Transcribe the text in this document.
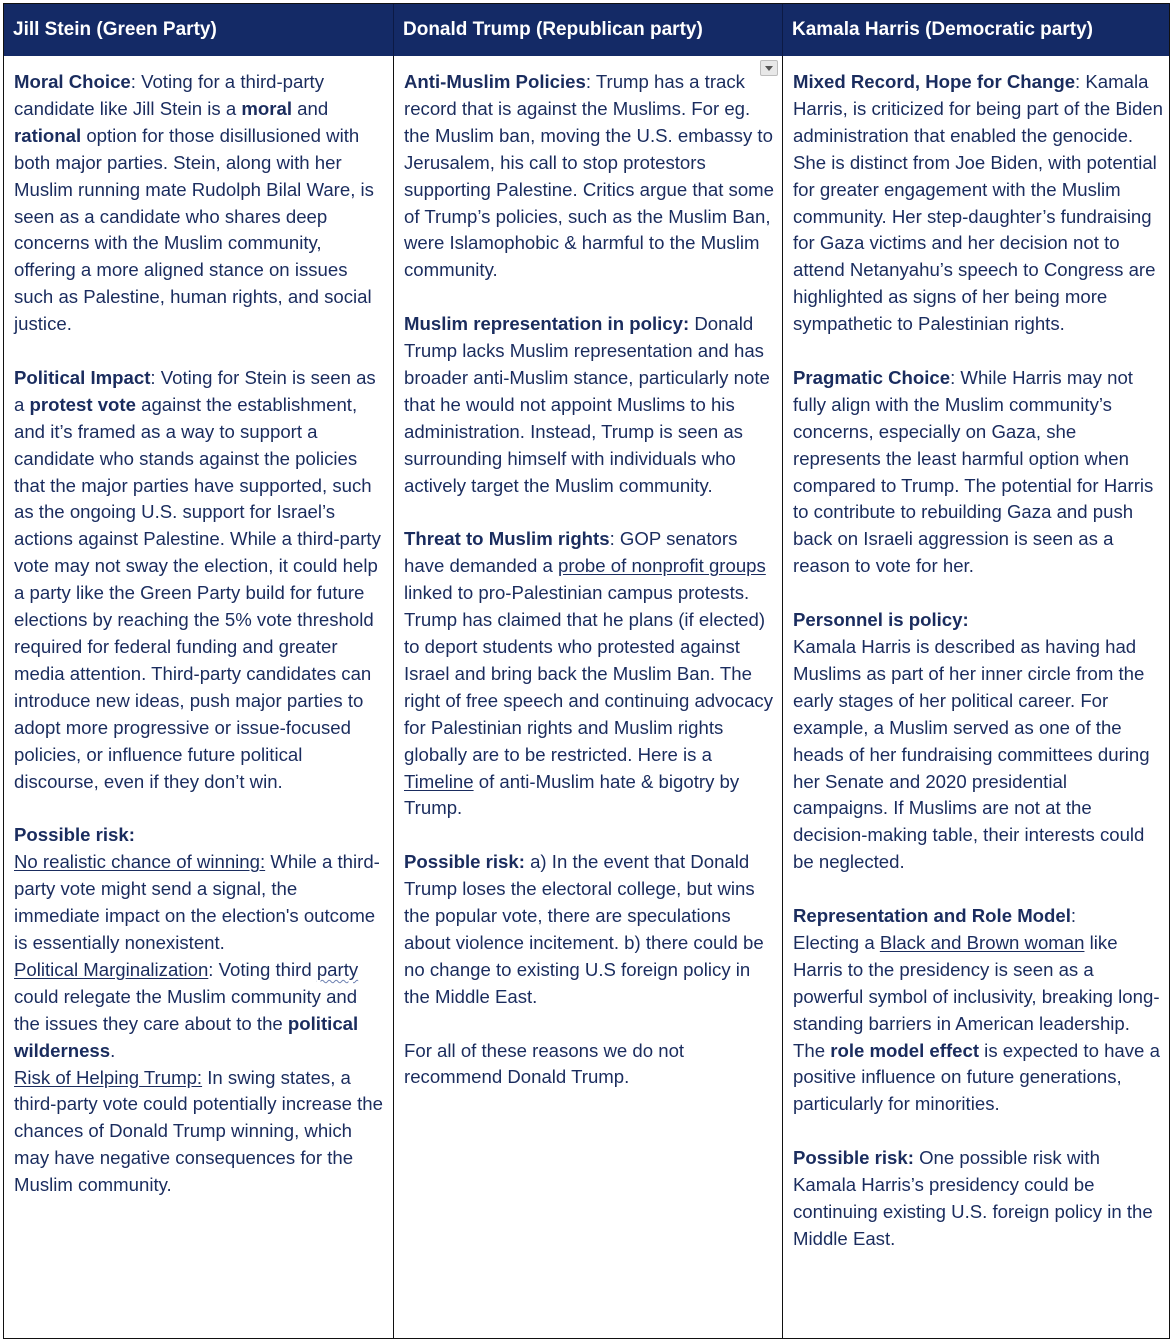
Jill Stein (Green Party)	Donald Trump (Republican party)	Kamala Harris (Democratic party)

Moral Choice: Voting for a third-party candidate like Jill Stein is a moral and rational option for those disillusioned with both major parties. Stein, along with her Muslim running mate Rudolph Bilal Ware, is seen as a candidate who shares deep concerns with the Muslim community, offering a more aligned stance on issues such as Palestine, human rights, and social justice.

Political Impact: Voting for Stein is seen as a protest vote against the establishment, and it’s framed as a way to support a candidate who stands against the policies that the major parties have supported, such as the ongoing U.S. support for Israel’s actions against Palestine. While a third-party vote may not sway the election, it could help a party like the Green Party build for future elections by reaching the 5% vote threshold required for federal funding and greater media attention. Third-party candidates can introduce new ideas, push major parties to adopt more progressive or issue-focused policies, or influence future political discourse, even if they don’t win.

Possible risk:
No realistic chance of winning: While a third-party vote might send a signal, the immediate impact on the election's outcome is essentially nonexistent.
Political Marginalization: Voting third party could relegate the Muslim community and the issues they care about to the political wilderness.
Risk of Helping Trump: In swing states, a third-party vote could potentially increase the chances of Donald Trump winning, which may have negative consequences for the Muslim community.

Anti-Muslim Policies: Trump has a track record that is against the Muslims. For eg. the Muslim ban, moving the U.S. embassy to Jerusalem, his call to stop protestors supporting Palestine. Critics argue that some of Trump’s policies, such as the Muslim Ban, were Islamophobic & harmful to the Muslim community.

Muslim representation in policy: Donald Trump lacks Muslim representation and has broader anti-Muslim stance, particularly note that he would not appoint Muslims to his administration. Instead, Trump is seen as surrounding himself with individuals who actively target the Muslim community.

Threat to Muslim rights: GOP senators have demanded a probe of nonprofit groups linked to pro-Palestinian campus protests. Trump has claimed that he plans (if elected) to deport students who protested against Israel and bring back the Muslim Ban. The right of free speech and continuing advocacy for Palestinian rights and Muslim rights globally are to be restricted. Here is a Timeline of anti-Muslim hate & bigotry by Trump.

Possible risk: a) In the event that Donald Trump loses the electoral college, but wins the popular vote, there are speculations about violence incitement. b) there could be no change to existing U.S foreign policy in the Middle East.

For all of these reasons we do not recommend Donald Trump.

Mixed Record, Hope for Change: Kamala Harris, is criticized for being part of the Biden administration that enabled the genocide. She is distinct from Joe Biden, with potential for greater engagement with the Muslim community. Her step-daughter’s fundraising for Gaza victims and her decision not to attend Netanyahu’s speech to Congress are highlighted as signs of her being more sympathetic to Palestinian rights.

Pragmatic Choice: While Harris may not fully align with the Muslim community’s concerns, especially on Gaza, she represents the least harmful option when compared to Trump. The potential for Harris to contribute to rebuilding Gaza and push back on Israeli aggression is seen as a reason to vote for her.

Personnel is policy:
Kamala Harris is described as having had Muslims as part of her inner circle from the early stages of her political career. For example, a Muslim served as one of the heads of her fundraising committees during her Senate and 2020 presidential campaigns. If Muslims are not at the decision-making table, their interests could be neglected.

Representation and Role Model:
Electing a Black and Brown woman like Harris to the presidency is seen as a powerful symbol of inclusivity, breaking long-standing barriers in American leadership. The role model effect is expected to have a positive influence on future generations, particularly for minorities.

Possible risk: One possible risk with Kamala Harris’s presidency could be continuing existing U.S. foreign policy in the Middle East.
